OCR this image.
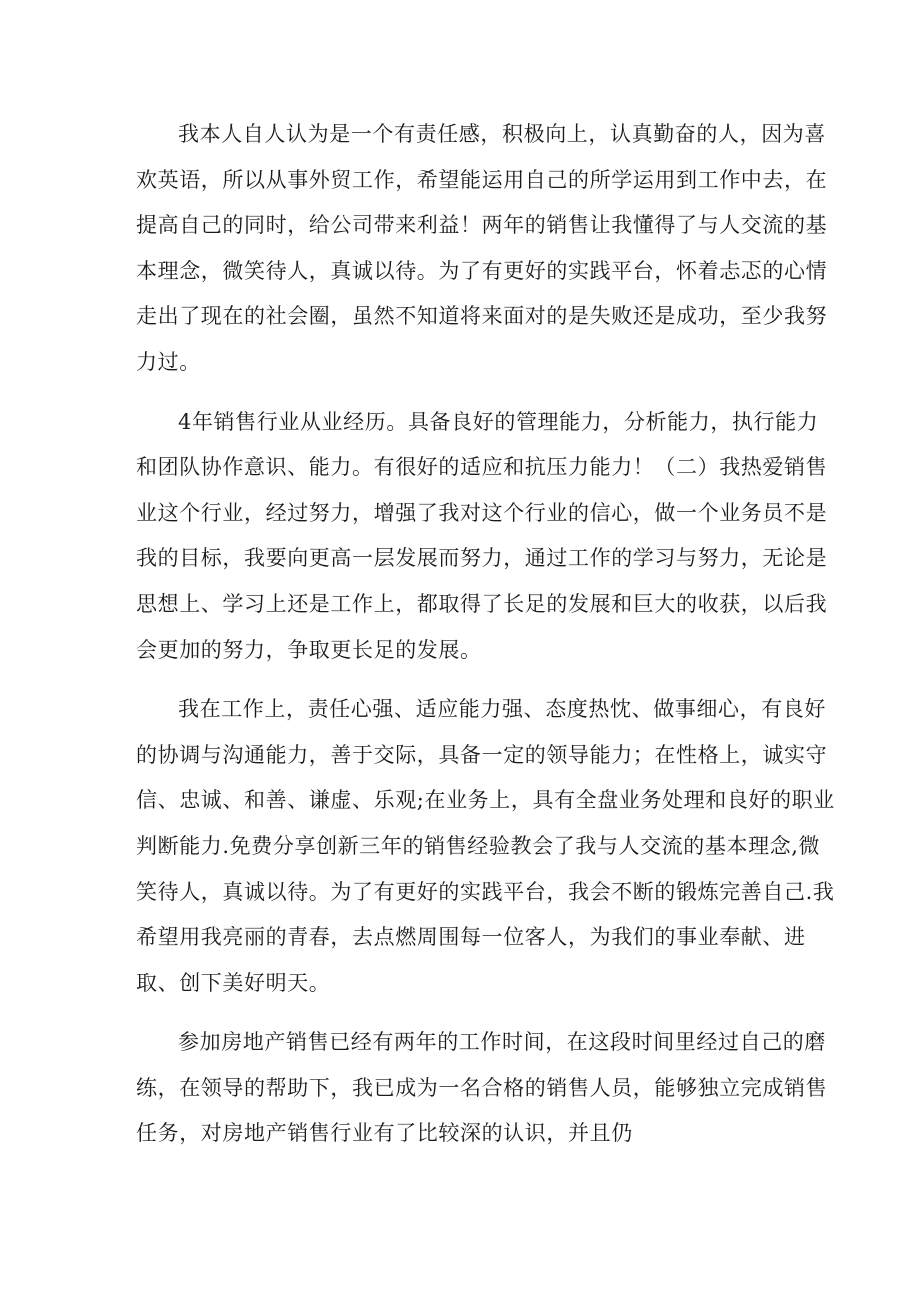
我本人自人认为是一个有责任感，积极向上，认真勤奋的人，因为喜
欢英语，所以从事外贸工作，希望能运用自己的所学运用到工作中去，在
提高自己的同时，给公司带来利益！两年的销售让我懂得了与人交流的基
本理念，微笑待人，真诚以待。为了有更好的实践平台，怀着忐忑的心情
走出了现在的社会圈，虽然不知道将来面对的是失败还是成功，至少我努
力过。

4年销售行业从业经历。具备良好的管理能力，分析能力，执行能力
和团队协作意识、能力。有很好的适应和抗压力能力！（二）我热爱销售
业这个行业，经过努力，增强了我对这个行业的信心，做一个业务员不是
我的目标，我要向更高一层发展而努力，通过工作的学习与努力，无论是
思想上、学习上还是工作上，都取得了长足的发展和巨大的收获，以后我
会更加的努力，争取更长足的发展。

我在工作上，责任心强、适应能力强、态度热忱、做事细心，有良好
的协调与沟通能力，善于交际，具备一定的领导能力；在性格上，诚实守
信、忠诚、和善、谦虚、乐观;在业务上，具有全盘业务处理和良好的职业
判断能力.免费分享创新三年的销售经验教会了我与人交流的基本理念,微
笑待人，真诚以待。为了有更好的实践平台，我会不断的锻炼完善自己.我
希望用我亮丽的青春，去点燃周围每一位客人，为我们的事业奉献、进
取、创下美好明天。

参加房地产销售已经有两年的工作时间，在这段时间里经过自己的磨
练，在领导的帮助下，我已成为一名合格的销售人员，能够独立完成销售
任务，对房地产销售行业有了比较深的认识，并且仍
